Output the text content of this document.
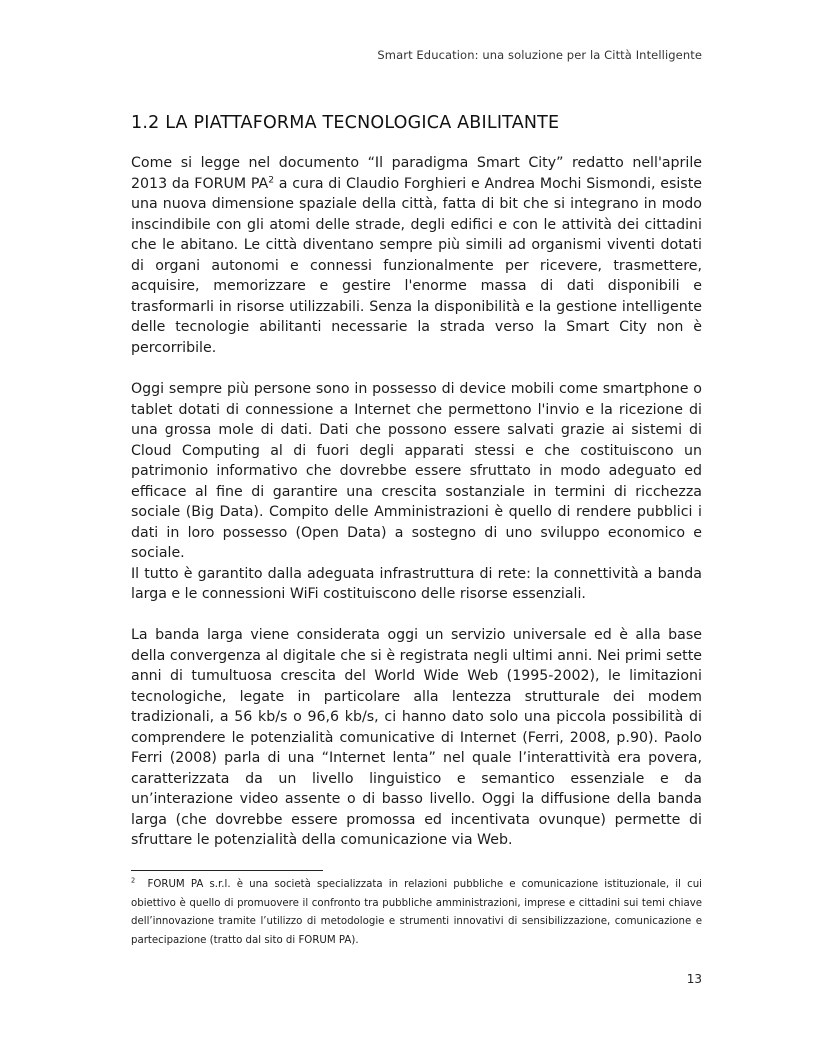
Smart Education: una soluzione per la Città Intelligente
1.2 LA PIATTAFORMA TECNOLOGICA ABILITANTE

Come si legge nel documento “Il paradigma Smart City” redatto nell'aprile 2013 da FORUM $PA^2$ a cura di Claudio Forghieri e Andrea Mochi Sismondi, esiste una nuova dimensione spaziale della città, fatta di bit che si integrano in modo inscindibile con gli atomi delle strade, degli edifici e con le attività dei cittadini che le abitano. Le città diventano sempre più simili ad organismi viventi dotati di organi autonomi e connessi funzionalmente per ricevere, trasmettere, acquisire, memorizzare e gestire l'enorme massa di dati disponibili e trasformarli in risorse utilizzabili. Senza la disponibilità e la gestione intelligente delle tecnologie abilitanti necessarie la strada verso la Smart City non è percorribile.

Oggi sempre più persone sono in possesso di device mobili come smartphone o tablet dotati di connessione a Internet che permettono l'invio e la ricezione di una grossa mole di dati. Dati che possono essere salvati grazie ai sistemi di Cloud Computing al di fuori degli apparati stessi e che costituiscono un patrimonio informativo che dovrebbe essere sfruttato in modo adeguato ed efficace al fine di garantire una crescita sostanziale in termini di ricchezza sociale (Big Data). Compito delle Amministrazioni è quello di rendere pubblici i dati in loro possesso (Open Data) a sostegno di uno sviluppo economico e sociale.
Il tutto è garantito dalla adeguata infrastruttura di rete: la connettività a banda larga e le connessioni WiFi costituiscono delle risorse essenziali.

La banda larga viene considerata oggi un servizio universale ed è alla base della convergenza al digitale che si è registrata negli ultimi anni. Nei primi sette anni di tumultuosa crescita del World Wide Web (1995-2002), le limitazioni tecnologiche, legate in particolare alla lentezza strutturale dei modem tradizionali, a 56 kb/s o 96,6 kb/s, ci hanno dato solo una piccola possibilità di comprendere le potenzialità comunicative di Internet (Ferri, 2008, p.90). Paolo Ferri (2008) parla di una “Internet lenta” nel quale l’interattività era povera, caratterizzata da un livello linguistico e semantico essenziale e da un’interazione video assente o di basso livello. Oggi la diffusione della banda larga (che dovrebbe essere promossa ed incentivata ovunque) permette di sfruttare le potenzialità della comunicazione via Web.

$^2$ FORUM PA s.r.l. è una società specializzata in relazioni pubbliche e comunicazione istituzionale, il cui obiettivo è quello di promuovere il confronto tra pubbliche amministrazioni, imprese e cittadini sui temi chiave dell’innovazione tramite l’utilizzo di metodologie e strumenti innovativi di sensibilizzazione, comunicazione e partecipazione (tratto dal sito di FORUM PA).

13
